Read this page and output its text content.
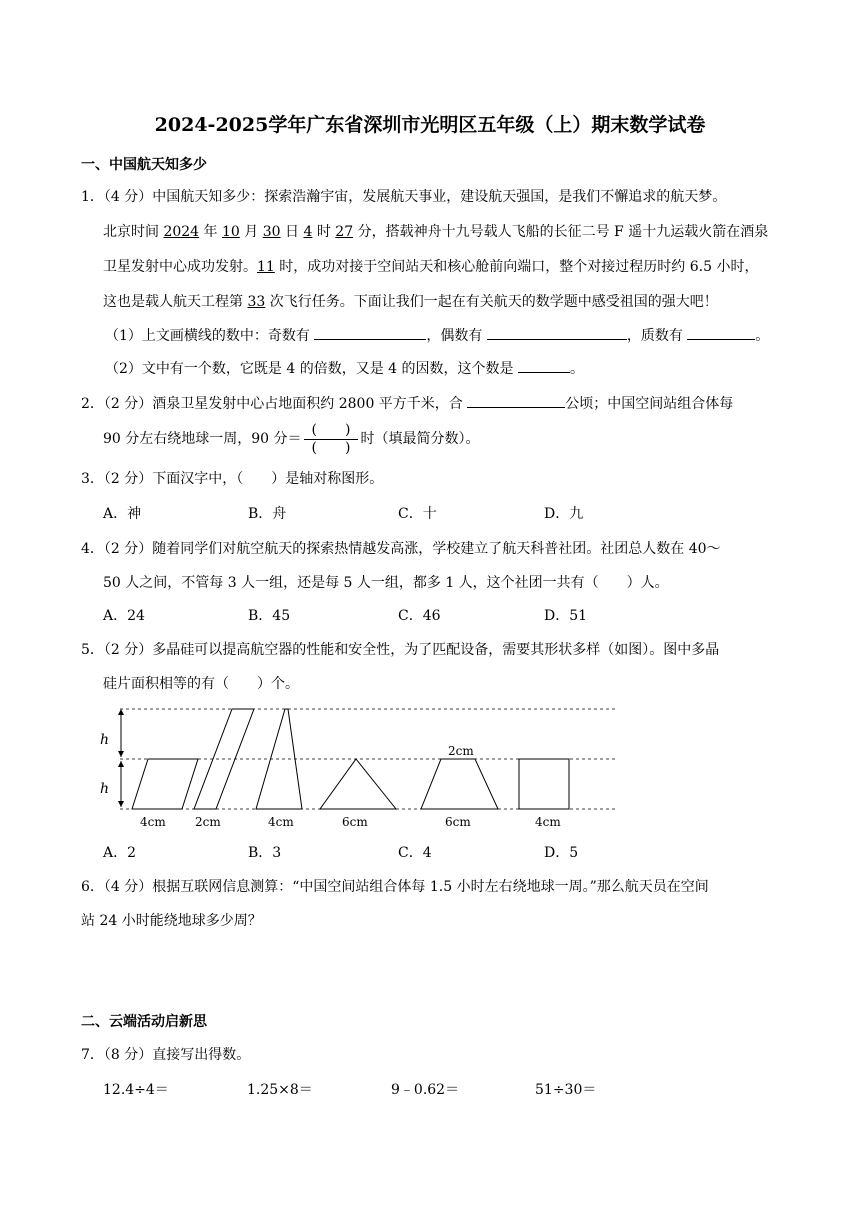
2024-2025学年广东省深圳市光明区五年级（上）期末数学试卷
一、中国航天知多少
1．（4 分）中国航天知多少：探索浩瀚宇宙，发展航天事业，建设航天强国，是我们不懈追求的航天梦。
北京时间 2024 年 10 月 30 日 4 时 27 分，搭载神舟十九号载人飞船的长征二号 F 遥十九运载火箭在酒泉
卫星发射中心成功发射。11 时，成功对接于空间站天和核心舱前向端口，整个对接过程历时约 6.5 小时，
这也是载人航天工程第 33 次飞行任务。下面让我们一起在有关航天的数学题中感受祖国的强大吧！
（1）上文画横线的数中：奇数有	，偶数有	，质数有	。
（2）文中有一个数，它既是 4 的倍数，又是 4 的因数，这个数是	。
2．（2 分）酒泉卫星发射中心占地面积约 2800 平方千米，合	公顷；中国空间站组合体每
90 分左右绕地球一周，90 分＝ $\frac{( )}{( )}$ 时（填最简分数）。
3．（2 分）下面汉字中，（　　）是轴对称图形。
A．神	B．舟	C．十	D．九
4．（2 分）随着同学们对航空航天的探索热情越发高涨，学校建立了航天科普社团。社团总人数在 40～
50 人之间，不管每 3 人一组，还是每 5 人一组，都多 1 人，这个社团一共有（　　）人。
A．24	B．45	C．46	D．51
5．（2 分）多晶硅可以提高航空器的性能和安全性，为了匹配设备，需要其形状多样（如图）。图中多晶
硅片面积相等的有（　　）个。
h
h
2cm
4cm 2cm	4cm	6cm	6cm	4cm
A．2	B．3	C．4	D．5
6．（4 分）根据互联网信息测算：“中国空间站组合体每 1.5 小时左右绕地球一周。”那么航天员在空间
站 24 小时能绕地球多少周？
二、云端活动启新思
7．（8 分）直接写出得数。
12.4÷4＝	1.25×8＝	9﹣0.62＝	51÷30＝
